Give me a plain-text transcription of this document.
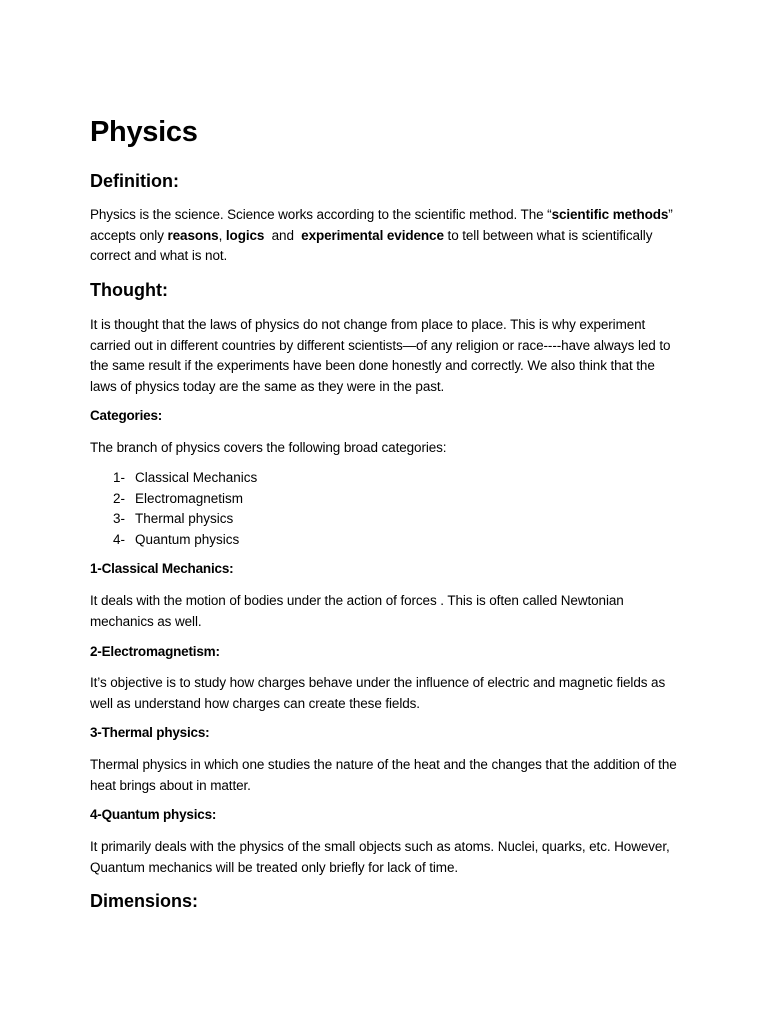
Physics
Definition:
Physics is the science. Science works according to the scientific method. The “scientific methods” accepts only reasons, logics  and  experimental evidence to tell between what is scientifically correct and what is not.
Thought:
It is thought that the laws of physics do not change from place to place. This is why experiment carried out in different countries by different scientists—of any religion or race----have always led to the same result if the experiments have been done honestly and correctly. We also think that the laws of physics today are the same as they were in the past.
Categories:
The branch of physics covers the following broad categories:
1- Classical Mechanics
2- Electromagnetism
3- Thermal physics
4- Quantum physics
1-Classical Mechanics:
It deals with the motion of bodies under the action of forces . This is often called Newtonian mechanics as well.
2-Electromagnetism:
It’s objective is to study how charges behave under the influence of electric and magnetic fields as well as understand how charges can create these fields.
3-Thermal physics:
Thermal physics in which one studies the nature of the heat and the changes that the addition of the heat brings about in matter.
4-Quantum physics:
It primarily deals with the physics of the small objects such as atoms. Nuclei, quarks, etc. However, Quantum mechanics will be treated only briefly for lack of time.
Dimensions:
